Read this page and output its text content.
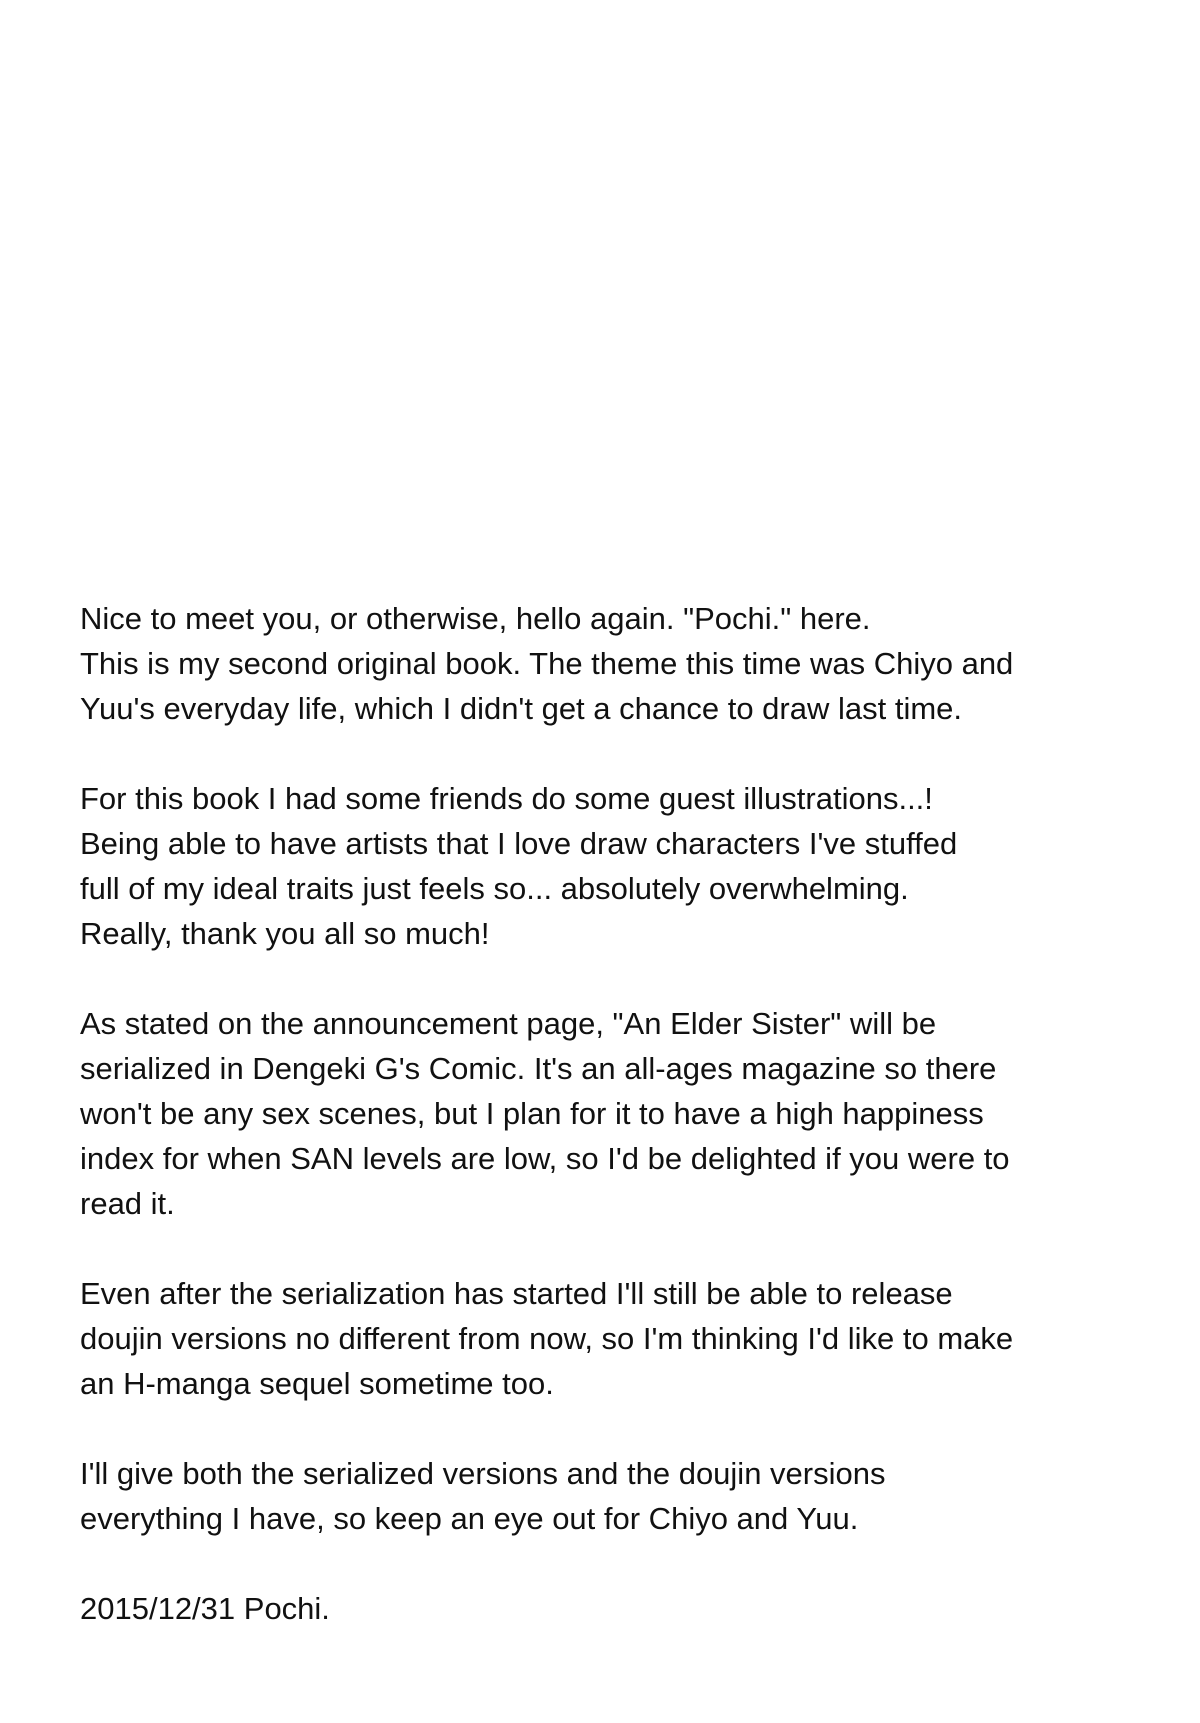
Nice to meet you, or otherwise, hello again. "Pochi." here.
This is my second original book. The theme this time was Chiyo and
Yuu's everyday life, which I didn't get a chance to draw last time.

For this book I had some friends do some guest illustrations...!
Being able to have artists that I love draw characters I've stuffed
full of my ideal traits just feels so... absolutely overwhelming.
Really, thank you all so much!

As stated on the announcement page, "An Elder Sister" will be
serialized in Dengeki G's Comic. It's an all-ages magazine so there
won't be any sex scenes, but I plan for it to have a high happiness
index for when SAN levels are low, so I'd be delighted if you were to
read it.

Even after the serialization has started I'll still be able to release
doujin versions no different from now, so I'm thinking I'd like to make
an H-manga sequel sometime too.

I'll give both the serialized versions and the doujin versions
everything I have, so keep an eye out for Chiyo and Yuu.

2015/12/31 Pochi.
